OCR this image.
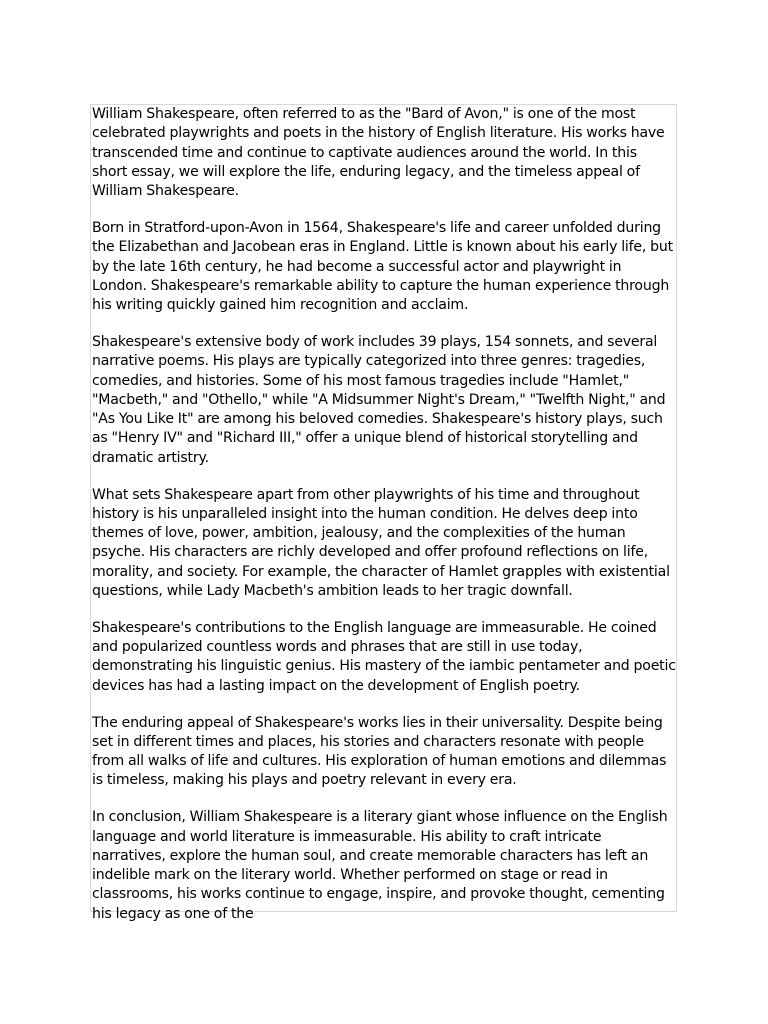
William Shakespeare, often referred to as the "Bard of Avon," is one of the most celebrated playwrights and poets in the history of English literature. His works have transcended time and continue to captivate audiences around the world. In this short essay, we will explore the life, enduring legacy, and the timeless appeal of William Shakespeare.

Born in Stratford-upon-Avon in 1564, Shakespeare's life and career unfolded during the Elizabethan and Jacobean eras in England. Little is known about his early life, but by the late 16th century, he had become a successful actor and playwright in London. Shakespeare's remarkable ability to capture the human experience through his writing quickly gained him recognition and acclaim.

Shakespeare's extensive body of work includes 39 plays, 154 sonnets, and several narrative poems. His plays are typically categorized into three genres: tragedies, comedies, and histories. Some of his most famous tragedies include "Hamlet," "Macbeth," and "Othello," while "A Midsummer Night's Dream," "Twelfth Night," and "As You Like It" are among his beloved comedies. Shakespeare's history plays, such as "Henry IV" and "Richard III," offer a unique blend of historical storytelling and dramatic artistry.

What sets Shakespeare apart from other playwrights of his time and throughout history is his unparalleled insight into the human condition. He delves deep into themes of love, power, ambition, jealousy, and the complexities of the human psyche. His characters are richly developed and offer profound reflections on life, morality, and society. For example, the character of Hamlet grapples with existential questions, while Lady Macbeth's ambition leads to her tragic downfall.

Shakespeare's contributions to the English language are immeasurable. He coined and popularized countless words and phrases that are still in use today, demonstrating his linguistic genius. His mastery of the iambic pentameter and poetic devices has had a lasting impact on the development of English poetry.

The enduring appeal of Shakespeare's works lies in their universality. Despite being set in different times and places, his stories and characters resonate with people from all walks of life and cultures. His exploration of human emotions and dilemmas is timeless, making his plays and poetry relevant in every era.

In conclusion, William Shakespeare is a literary giant whose influence on the English language and world literature is immeasurable. His ability to craft intricate narratives, explore the human soul, and create memorable characters has left an indelible mark on the literary world. Whether performed on stage or read in classrooms, his works continue to engage, inspire, and provoke thought, cementing his legacy as one of the
